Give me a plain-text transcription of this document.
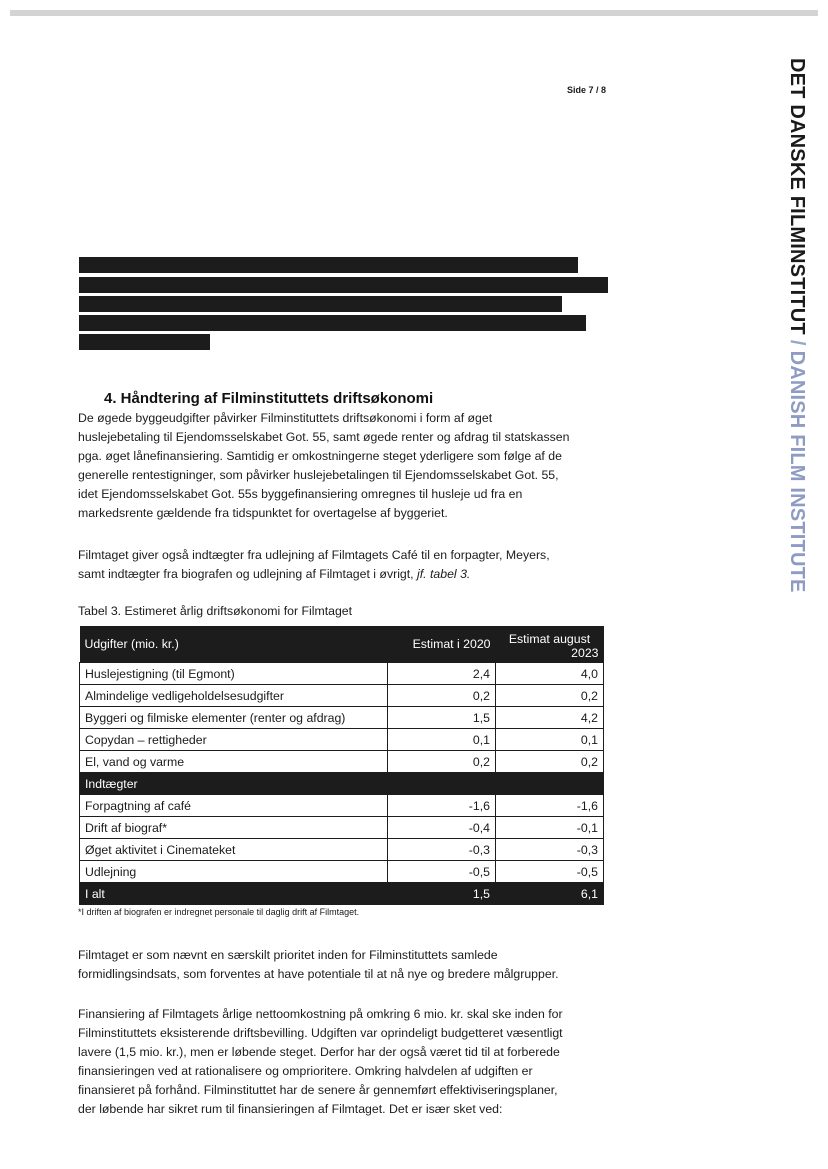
DET DANSKE FILMINSTITUT/DANISH FILM INSTITUTE
Side 7 / 8
4. Håndtering af Filminstituttets driftsøkonomi
De øgede byggeudgifter påvirker Filminstituttets driftsøkonomi i form af øget
huslejebetaling til Ejendomsselskabet Got. 55, samt øgede renter og afdrag til statskassen
pga. øget lånefinansiering. Samtidig er omkostningerne steget yderligere som følge af de
generelle rentestigninger, som påvirker huslejebetalingen til Ejendomsselskabet Got. 55,
idet Ejendomsselskabet Got. 55s byggefinansiering omregnes til husleje ud fra en
markedsrente gældende fra tidspunktet for overtagelse af byggeriet.
Filmtaget giver også indtægter fra udlejning af Filmtagets Café til en forpagter, Meyers,
samt indtægter fra biografen og udlejning af Filmtaget i øvrigt, jf. tabel 3.
Tabel 3. Estimeret årlig driftsøkonomi for Filmtaget
Udgifter (mio. kr.)	Estimat i 2020	Estimat august
2023

Huslejestigning (til Egmont)	2,4	4,0
Almindelige vedligeholdelsesudgifter	0,2	0,2
Byggeri og filmiske elementer (renter og afdrag)	1,5	4,2
Copydan – rettigheder	0,1	0,1
El, vand og varme	0,2	0,2
Indtægter		
Forpagtning af café	-1,6	-1,6
Drift af biograf*	-0,4	-0,1
Øget aktivitet i Cinemateket	-0,3	-0,3
Udlejning	-0,5	-0,5
I alt	1,5	6,1
*I driften af biografen er indregnet personale til daglig drift af Filmtaget.
Filmtaget er som nævnt en særskilt prioritet inden for Filminstituttets samlede
formidlingsindsats, som forventes at have potentiale til at nå nye og bredere målgrupper.
Finansiering af Filmtagets årlige nettoomkostning på omkring 6 mio. kr. skal ske inden for
Filminstituttets eksisterende driftsbevilling. Udgiften var oprindeligt budgetteret væsentligt
lavere (1,5 mio. kr.), men er løbende steget. Derfor har der også været tid til at forberede
finansieringen ved at rationalisere og omprioritere. Omkring halvdelen af udgiften er
finansieret på forhånd. Filminstituttet har de senere år gennemført effektiviseringsplaner,
der løbende har sikret rum til finansieringen af Filmtaget. Det er især sket ved:
